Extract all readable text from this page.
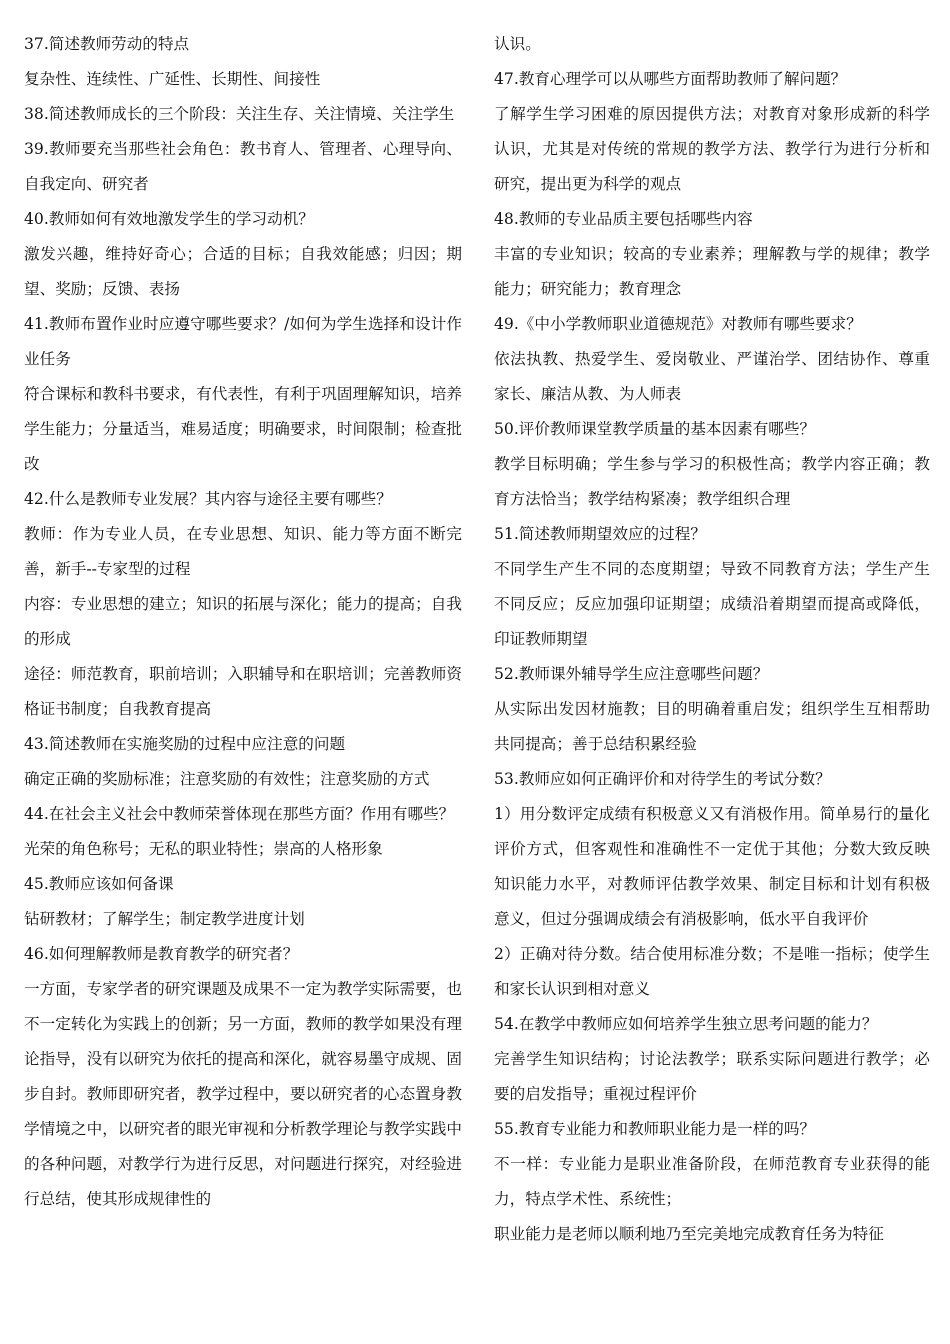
37.简述教师劳动的特点
复杂性、连续性、广延性、长期性、间接性
38.简述教师成长的三个阶段：关注生存、关注情境、关注学生
39.教师要充当那些社会角色：教书育人、管理者、心理导向、自我定向、研究者
40.教师如何有效地激发学生的学习动机？
激发兴趣，维持好奇心；合适的目标；自我效能感；归因；期望、奖励；反馈、表扬
41.教师布置作业时应遵守哪些要求？/如何为学生选择和设计作业任务
符合课标和教科书要求，有代表性，有利于巩固理解知识，培养学生能力；分量适当，难易适度；明确要求，时间限制；检查批改
42.什么是教师专业发展？其内容与途径主要有哪些？
教师：作为专业人员，在专业思想、知识、能力等方面不断完善，新手--专家型的过程
内容：专业思想的建立；知识的拓展与深化；能力的提高；自我的形成
途径：师范教育，职前培训；入职辅导和在职培训；完善教师资格证书制度；自我教育提高
43.简述教师在实施奖励的过程中应注意的问题
确定正确的奖励标准；注意奖励的有效性；注意奖励的方式
44.在社会主义社会中教师荣誉体现在那些方面？作用有哪些？
光荣的角色称号；无私的职业特性；崇高的人格形象
45.教师应该如何备课
钻研教材；了解学生；制定教学进度计划
46.如何理解教师是教育教学的研究者？
一方面，专家学者的研究课题及成果不一定为教学实际需要，也不一定转化为实践上的创新；另一方面，教师的教学如果没有理论指导，没有以研究为依托的提高和深化，就容易墨守成规、固步自封。教师即研究者，教学过程中，要以研究者的心态置身教学情境之中，以研究者的眼光审视和分析教学理论与教学实践中的各种问题，对教学行为进行反思，对问题进行探究，对经验进行总结，使其形成规律性的
认识。
47.教育心理学可以从哪些方面帮助教师了解问题？
了解学生学习困难的原因提供方法；对教育对象形成新的科学认识，尤其是对传统的常规的教学方法、教学行为进行分析和研究，提出更为科学的观点
48.教师的专业品质主要包括哪些内容
丰富的专业知识；较高的专业素养；理解教与学的规律；教学能力；研究能力；教育理念
49.《中小学教师职业道德规范》对教师有哪些要求？
依法执教、热爱学生、爱岗敬业、严谨治学、团结协作、尊重家长、廉洁从教、为人师表
50.评价教师课堂教学质量的基本因素有哪些？
教学目标明确；学生参与学习的积极性高；教学内容正确；教育方法恰当；教学结构紧凑；教学组织合理
51.简述教师期望效应的过程？
不同学生产生不同的态度期望；导致不同教育方法；学生产生不同反应；反应加强印证期望；成绩沿着期望而提高或降低，印证教师期望
52.教师课外辅导学生应注意哪些问题？
从实际出发因材施教；目的明确着重启发；组织学生互相帮助共同提高；善于总结积累经验
53.教师应如何正确评价和对待学生的考试分数？
1）用分数评定成绩有积极意义又有消极作用。简单易行的量化评价方式，但客观性和准确性不一定优于其他；分数大致反映知识能力水平，对教师评估教学效果、制定目标和计划有积极意义，但过分强调成绩会有消极影响，低水平自我评价
2）正确对待分数。结合使用标准分数；不是唯一指标；使学生和家长认识到相对意义
54.在教学中教师应如何培养学生独立思考问题的能力？
完善学生知识结构；讨论法教学；联系实际问题进行教学；必要的启发指导；重视过程评价
55.教育专业能力和教师职业能力是一样的吗？
不一样：专业能力是职业准备阶段，在师范教育专业获得的能力，特点学术性、系统性；
职业能力是老师以顺利地乃至完美地完成教育任务为特征
